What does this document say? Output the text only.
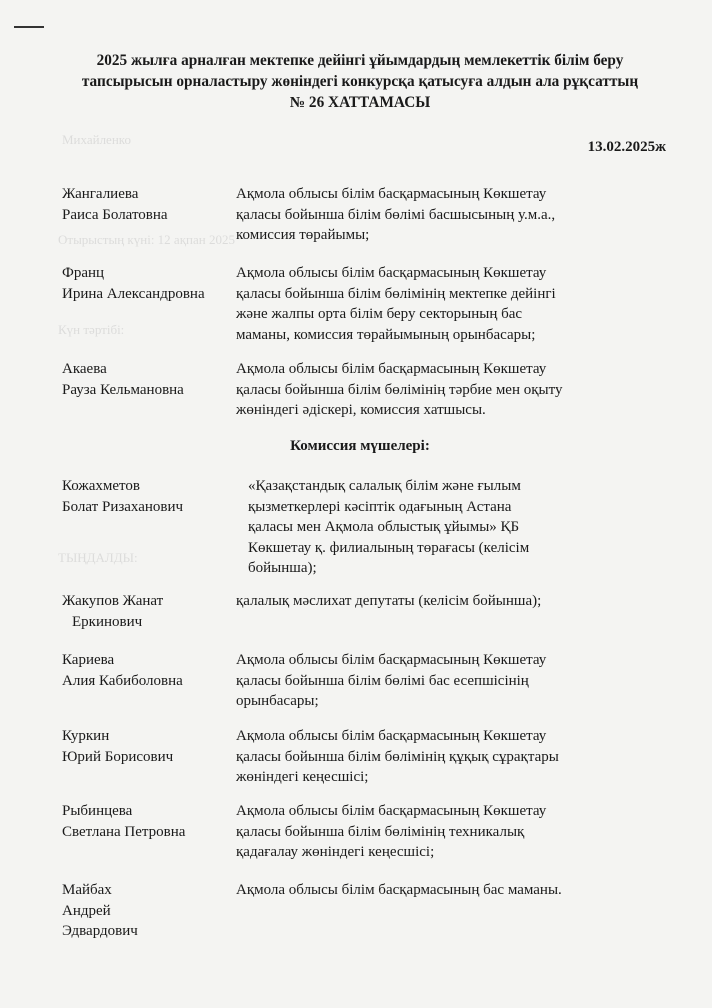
Михайленко
Отырыстың күні: 12 ақпан 2025
Күн тәртібі:
ТЫҢДАЛДЫ:
2025 жылға арналған мектепке дейінгі ұйымдардың мемлекеттік білім беру
тапсырысын орналастыру жөніндегі конкурсқа қатысуға алдын ала рұқсаттың
№ 26 ХАТТАМАСЫ
13.02.2025ж
Жангалиева
Раиса Болатовна
Ақмола облысы білім басқармасының Көкшетау
қаласы бойынша білім бөлімі басшысының у.м.а.,
комиссия төрайымы;
Франц
Ирина Александровна
Ақмола облысы білім басқармасының Көкшетау
қаласы бойынша білім бөлімінің мектепке дейінгі
және жалпы орта білім беру секторының бас
маманы, комиссия төрайымының орынбасары;
Акаева
Рауза Кельмановна
Ақмола облысы білім басқармасының Көкшетау
қаласы бойынша білім бөлімінің тәрбие мен оқыту
жөніндегі әдіскері, комиссия хатшысы.
Комиссия мүшелері:
Кожахметов
Болат Ризаханович
«Қазақстандық салалық білім және ғылым
қызметкерлері кәсіптік одағының Астана
қаласы мен Ақмола облыстық ұйымы» ҚБ
Көкшетау қ. филиалының төрағасы (келісім
бойынша);
Жакупов Жанат
Еркинович
қалалық мәслихат депутаты (келісім бойынша);
Кариева
Алия Кабиболовна
Ақмола облысы білім басқармасының Көкшетау
қаласы бойынша білім бөлімі бас есепшісінің
орынбасары;
Куркин
Юрий Борисович
Ақмола облысы білім басқармасының Көкшетау
қаласы бойынша білім бөлімінің құқық сұрақтары
жөніндегі кеңесшісі;
Рыбинцева
Светлана Петровна
Ақмола облысы білім басқармасының Көкшетау
қаласы бойынша білім бөлімінің техникалық
қадағалау жөніндегі кеңесшісі;
Майбах
Андрей
Эдвардович
Ақмола облысы білім басқармасының бас маманы.
